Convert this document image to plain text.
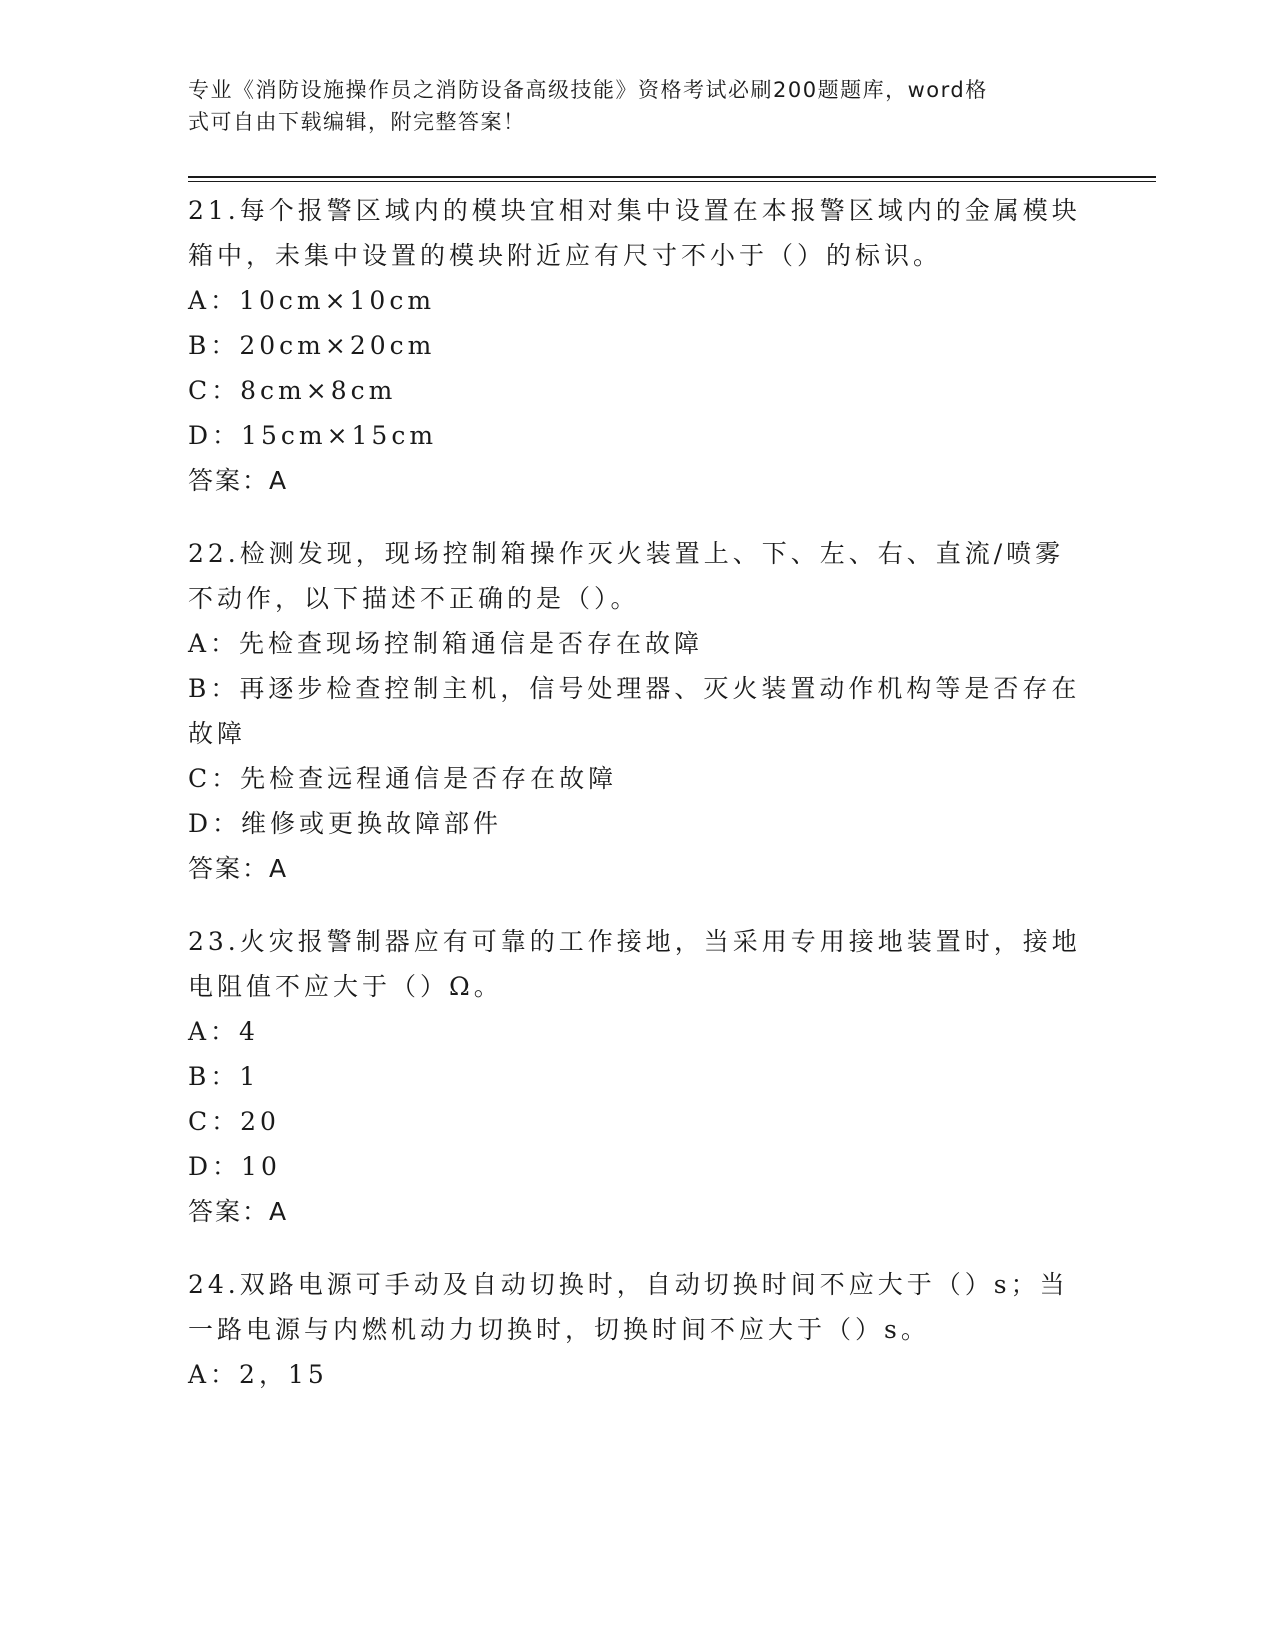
专业《消防设施操作员之消防设备高级技能》资格考试必刷200题题库，word格
式可自由下载编辑，附完整答案！

21.每个报警区域内的模块宜相对集中设置在本报警区域内的金属模块

箱中，未集中设置的模块附近应有尺寸不小于（）的标识。

A：10cm×10cm

B：20cm×20cm

C：8cm×8cm

D：15cm×15cm

答案：A

22.检测发现，现场控制箱操作灭火装置上、下、左、右、直流/喷雾

不动作，以下描述不正确的是（）。

A：先检查现场控制箱通信是否存在故障

B：再逐步检查控制主机，信号处理器、灭火装置动作机构等是否存在

故障

C：先检查远程通信是否存在故障

D：维修或更换故障部件

答案：A

23.火灾报警制器应有可靠的工作接地，当采用专用接地装置时，接地

电阻值不应大于（）Ω。

A：4

B：1

C：20

D：10

答案：A

24.双路电源可手动及自动切换时，自动切换时间不应大于（）s；当

一路电源与内燃机动力切换时，切换时间不应大于（）s。

A：2，15
